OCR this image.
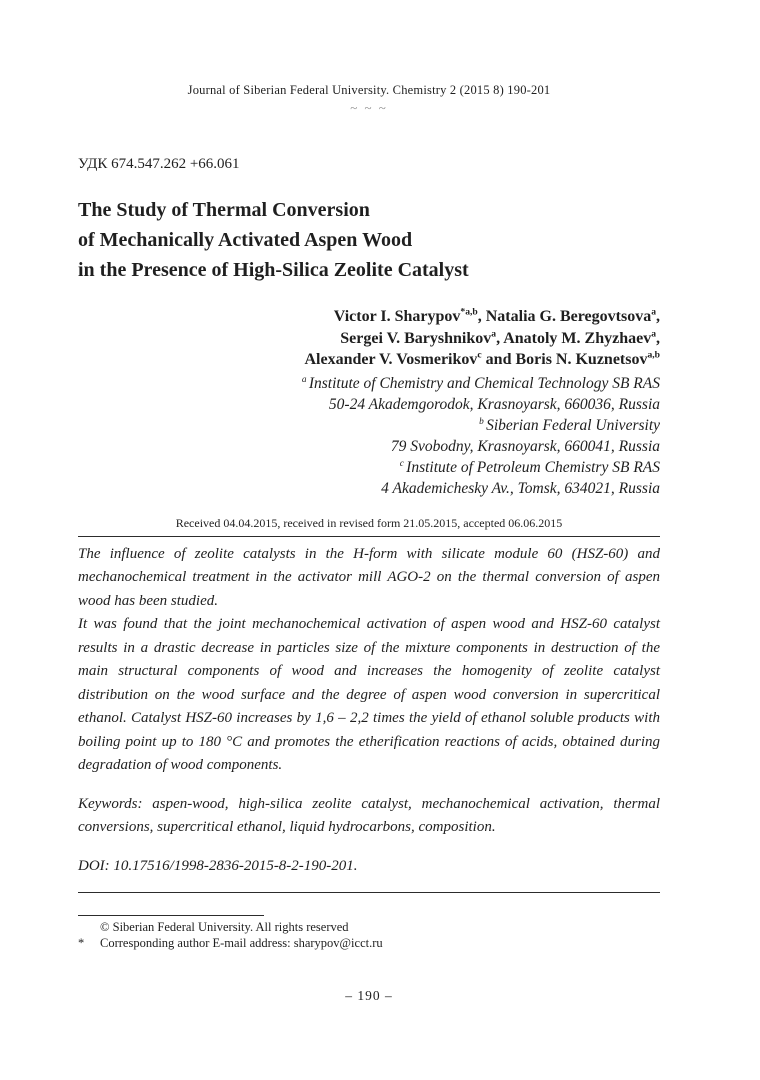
Journal of Siberian Federal University. Chemistry 2 (2015 8) 190-201
~ ~ ~
УДК 674.547.262 +66.061
The Study of Thermal Conversion
of Mechanically Activated Aspen Wood
in the Presence of High-Silica Zeolite Catalyst
Victor I. Sharypov$^{*a,b}$, Natalia G. Beregovtsova$^a$,
Sergei V. Baryshnikov$^a$, Anatoly M. Zhyzhaev$^a$,
Alexander V. Vosmerikov$^c$ and Boris N. Kuznetsov$^{a,b}$
$^a$ Institute of Chemistry and Chemical Technology SB RAS
50-24 Akademgorodok, Krasnoyarsk, 660036, Russia
$^b$ Siberian Federal University
79 Svobodny, Krasnoyarsk, 660041, Russia
$^c$ Institute of Petroleum Chemistry SB RAS
4 Akademichesky Av., Tomsk, 634021, Russia
Received 04.04.2015, received in revised form 21.05.2015, accepted 06.06.2015

The influence of zeolite catalysts in the H-form with silicate module 60 (HSZ-60) and mechanochemical treatment in the activator mill AGO-2 on the thermal conversion of aspen wood has been studied.

It was found that the joint mechanochemical activation of aspen wood and HSZ-60 catalyst results in a drastic decrease in particles size of the mixture components in destruction of the main structural components of wood and increases the homogenity of zeolite catalyst distribution on the wood surface and the degree of aspen wood conversion in supercritical ethanol. Catalyst HSZ-60 increases by 1,6 – 2,2 times the yield of ethanol soluble products with boiling point up to 180 °C and promotes the etherification reactions of acids, obtained during degradation of wood components.

Keywords: aspen-wood, high-silica zeolite catalyst, mechanochemical activation, thermal conversions, supercritical ethanol, liquid hydrocarbons, composition.

DOI: 10.17516/1998-2836-2015-8-2-190-201.

© Siberian Federal University. All rights reserved
*	Corresponding author E-mail address: sharypov@icct.ru
– 190 –
